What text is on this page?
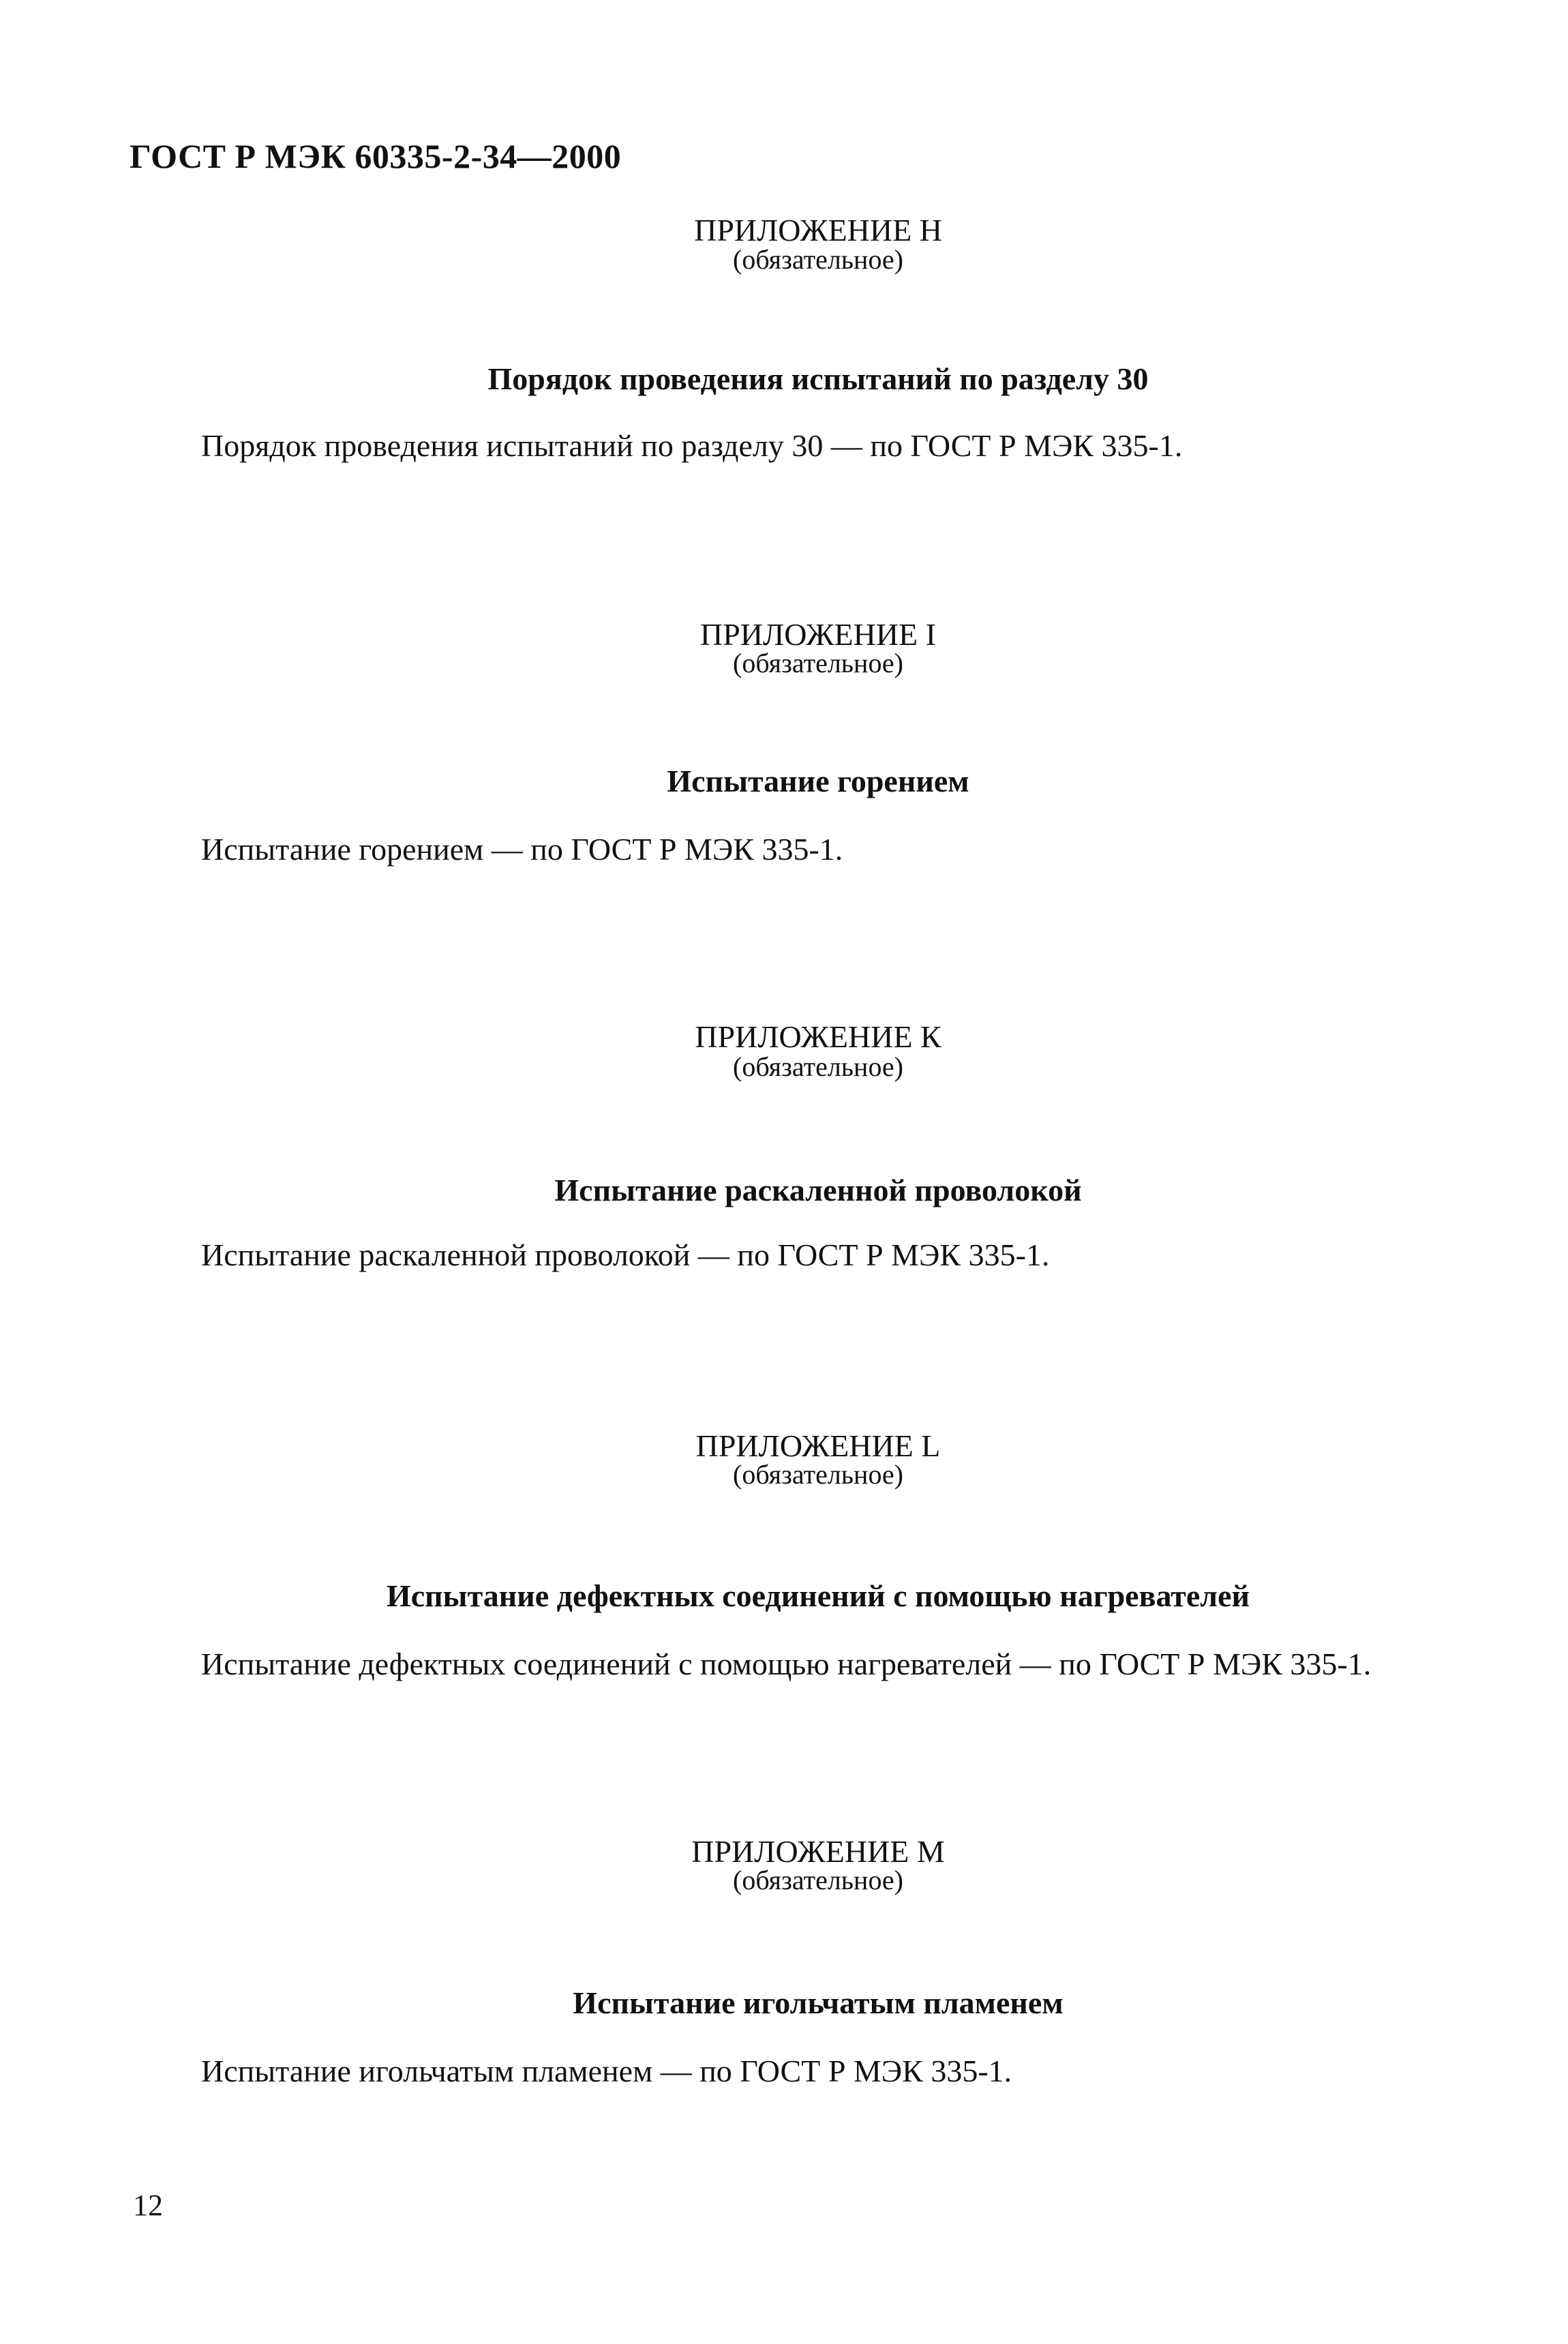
ГОСТ Р МЭК 60335-2-34—2000
ПРИЛОЖЕНИЕ Н
(обязательное)
Порядок проведения испытаний по разделу 30
Порядок проведения испытаний по разделу 30 — по ГОСТ Р МЭК 335-1.
ПРИЛОЖЕНИЕ I
(обязательное)
Испытание горением
Испытание горением — по ГОСТ Р МЭК 335-1.
ПРИЛОЖЕНИЕ К
(обязательное)
Испытание раскаленной проволокой
Испытание раскаленной проволокой — по ГОСТ Р МЭК 335-1.
ПРИЛОЖЕНИЕ L
(обязательное)
Испытание дефектных соединений с помощью нагревателей
Испытание дефектных соединений с помощью нагревателей — по ГОСТ Р МЭК 335-1.
ПРИЛОЖЕНИЕ М
(обязательное)
Испытание игольчатым пламенем
Испытание игольчатым пламенем — по ГОСТ Р МЭК 335-1.
12
